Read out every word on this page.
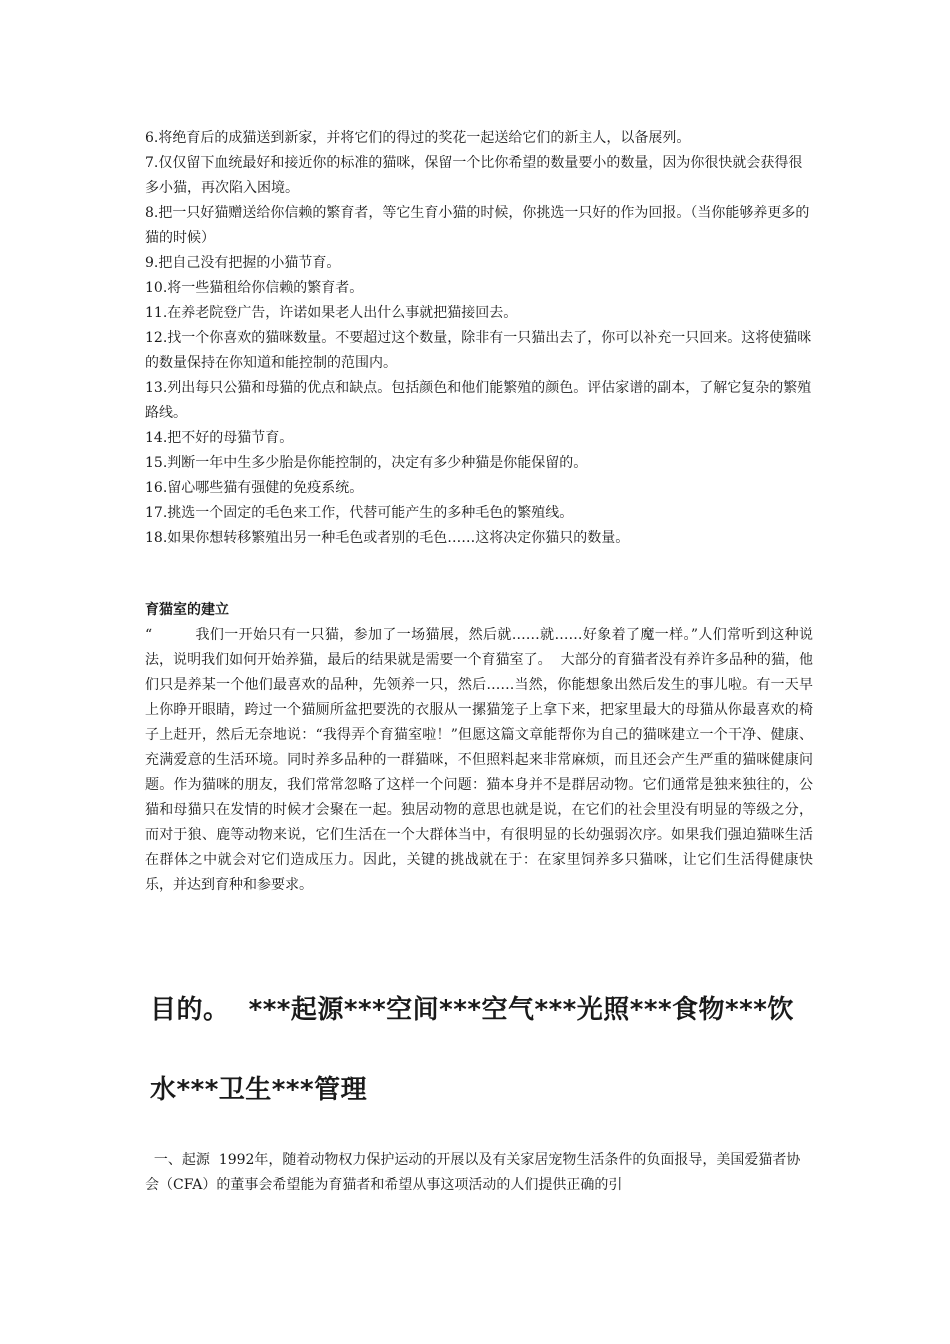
6.将绝育后的成猫送到新家，并将它们的得过的奖花一起送给它们的新主人，以备展列。

7.仅仅留下血统最好和接近你的标准的猫咪，保留一个比你希望的数量要小的数量，因为你很快就会获得很多小猫，再次陷入困境。

8.把一只好猫赠送给你信赖的繁育者，等它生育小猫的时候，你挑选一只好的作为回报。（当你能够养更多的猫的时候）

9.把自己没有把握的小猫节育。

10.将一些猫租给你信赖的繁育者。

11.在养老院登广告，许诺如果老人出什么事就把猫接回去。

12.找一个你喜欢的猫咪数量。不要超过这个数量，除非有一只猫出去了，你可以补充一只回来。这将使猫咪的数量保持在你知道和能控制的范围内。

13.列出每只公猫和母猫的优点和缺点。包括颜色和他们能繁殖的颜色。评估家谱的副本，了解它复杂的繁殖路线。

14.把不好的母猫节育。

15.判断一年中生多少胎是你能控制的，决定有多少种猫是你能保留的。

16.留心哪些猫有强健的免疫系统。

17.挑选一个固定的毛色来工作，代替可能产生的多种毛色的繁殖线。

18.如果你想转移繁殖出另一种毛色或者别的毛色……这将决定你猫只的数量。

育猫室的建立

“         我们一开始只有一只猫，参加了一场猫展，然后就……就……好象着了魔一样。”人们常听到这种说法，说明我们如何开始养猫，最后的结果就是需要一个育猫室了。  大部分的育猫者没有养许多品种的猫，他们只是养某一个他们最喜欢的品种，先领养一只，然后……当然，你能想象出然后发生的事儿啦。有一天早上你睁开眼睛，跨过一个猫厕所盆把要洗的衣服从一摞猫笼子上拿下来，把家里最大的母猫从你最喜欢的椅子上赶开，然后无奈地说：“我得弄个育猫室啦！”但愿这篇文章能帮你为自己的猫咪建立一个干净、健康、充满爱意的生活环境。同时养多品种的一群猫咪，不但照料起来非常麻烦，而且还会产生严重的猫咪健康问题。作为猫咪的朋友，我们常常忽略了这样一个问题：猫本身并不是群居动物。它们通常是独来独往的，公猫和母猫只在发情的时候才会聚在一起。独居动物的意思也就是说，在它们的社会里没有明显的等级之分，而对于狼、鹿等动物来说，它们生活在一个大群体当中，有很明显的长幼强弱次序。如果我们强迫猫咪生活在群体之中就会对它们造成压力。因此，关键的挑战就在于：在家里饲养多只猫咪，让它们生活得健康快乐，并达到育种和参要求。

目的。  ***起源***空间***空气***光照***食物***饮水***卫生***管理

一、起源  1992年，随着动物权力保护运动的开展以及有关家居宠物生活条件的负面报导，美国爱猫者协会（CFA）的董事会希望能为育猫者和希望从事这项活动的人们提供正确的引
